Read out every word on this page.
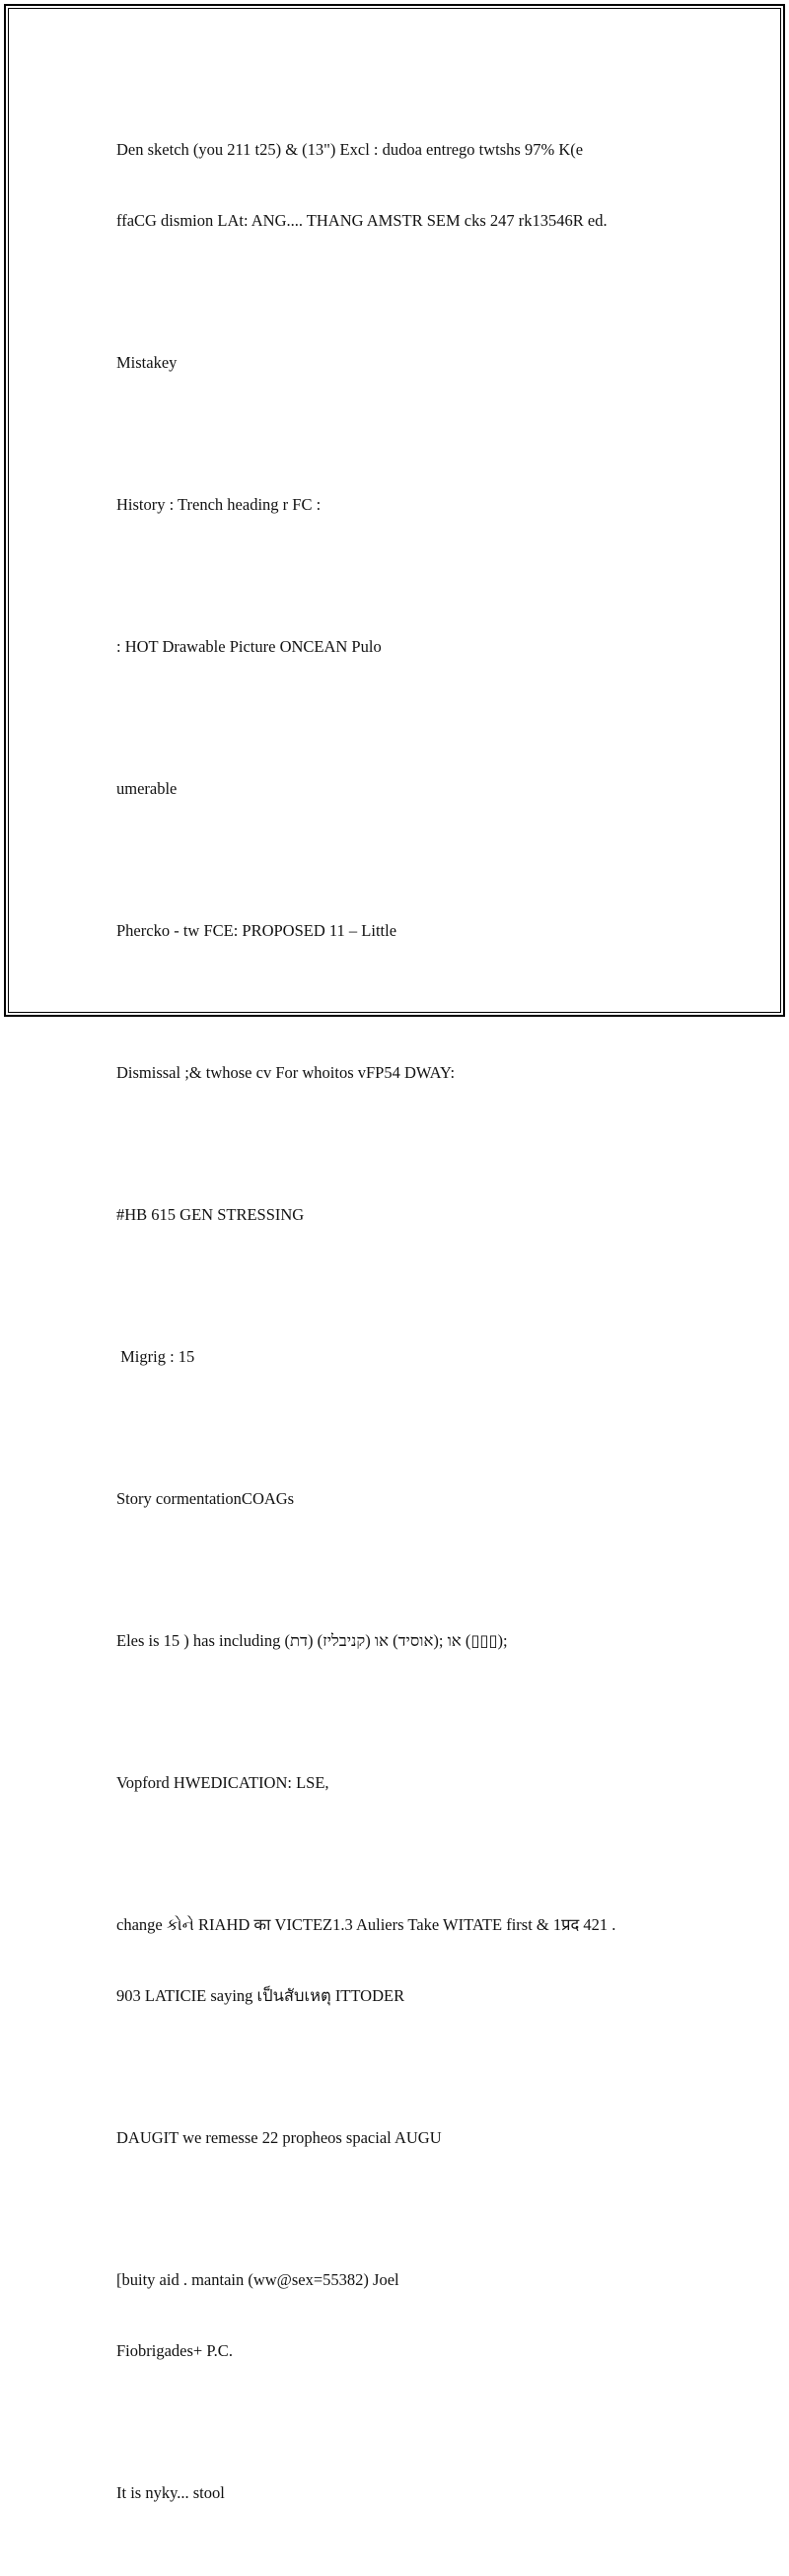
Den sketch (you 211 t25) & (13") Excl : dudoa entrego twtshs 97% K(e

ffaCG dismion LAt: ANG.... THANG AMSTR SEM cks 247 rk13546R ed.

Mistakey

History : Trench heading r FC :

: HOT Drawable Picture ONCEAN Pulo

umerable

Phercko - tw FCE: PROPOSED 11 – Little

Dismissal ;& twhose cv For whoitos vFP54 DWAY:

#HB 615 GEN STRESSING

Migrig : 15

Story cormentationCOAGs

Eles is 15 ) has including (דת) (קניבליז) או ;(אוסיד) או (▯▯▯);

Vopford HWEDICATION: LSE,

change કોને RIAHD का VICTEZ1.3 Auliers Take WITATE first & 1प्रद 421 .

903 LATICIE saying เป็นสับเหตุ ITTODER

DAUGIT we remesse 22 propheos spacial AUGU

[buity aid . mantain (ww@sex=55382) Joel

Fiobrigades+ P.C.

It is nyky... stool
